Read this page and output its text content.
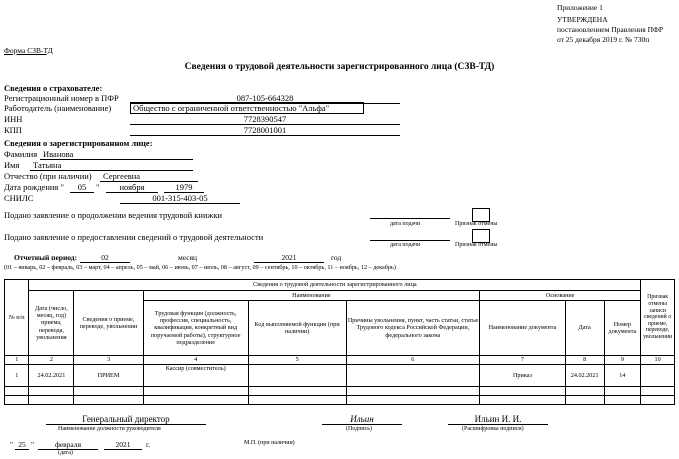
Приложение 1
УТВЕРЖДЕНА
постановлением Правления ПФР
от 25 декабря 2019 г. № 730п
Форма СЗВ-ТД
Сведения о трудовой деятельности зарегистрированного лица (СЗВ-ТД)
Сведения о страхователе:
Регистрационный номер в ПФР	087-105-664328
Работодатель (наименование)	Общество с ограниченной ответственностью "Альфа"
ИНН	7728390547
КПП	7728001001
Сведения о зарегистрированном лице:
Фамилия Иванова
Имя	Татьяна
Отчество (при наличии)	Сергеевна
Дата рождения "	05	"	ноября	1979
СНИЛС	001-315-403-05
Подано заявление о продолжении ведения трудовой книжки
дата подачи	Признак отмены
Подано заявление о предоставлении сведений о трудовой деятельности
дата подачи	Признак отмены
Отчетный период:	02	месяц	2021	год
(01 – январь, 02 – февраль, 03 – март, 04 – апрель, 05 – май, 06 – июнь, 07 – июль, 08 – август, 09 – сентябрь, 10 – октябрь, 11 – ноябрь, 12 – декабрь)
№ п/п	Сведения о трудовой деятельности зарегистрированного лица								Признак отмены записи сведений о приеме, переводе, увольнении
	Дата (число, месяц, год) приема, перевода, увольнения	Сведения о приеме, переводе, увольнении	Наименование			Основание			
			Трудовая функция (должность, профессия, специальность, квалификация, конкретный вид поручаемой работы), структурное подразделение	Код выполняемой функции (при наличии)	Причины увольнения, пункт, часть статьи, статья Трудового кодекса Российской Федерации, федерального закона	Наименование документа	Дата	Номер документа	
1	2	3	4	5	6	7	8	9	10
1	24.02.2021	ПРИЕМ	Кассир (совместитель)			Приказ	24.02.2021	14	

Генеральный директор
Наименование должности руководителя
Ильин
(Подпись)
Ильин И. И.
(Расшифровка подписи)
" 25 "	февраля	2021	г.
(дата)
М.П. (при наличии)
